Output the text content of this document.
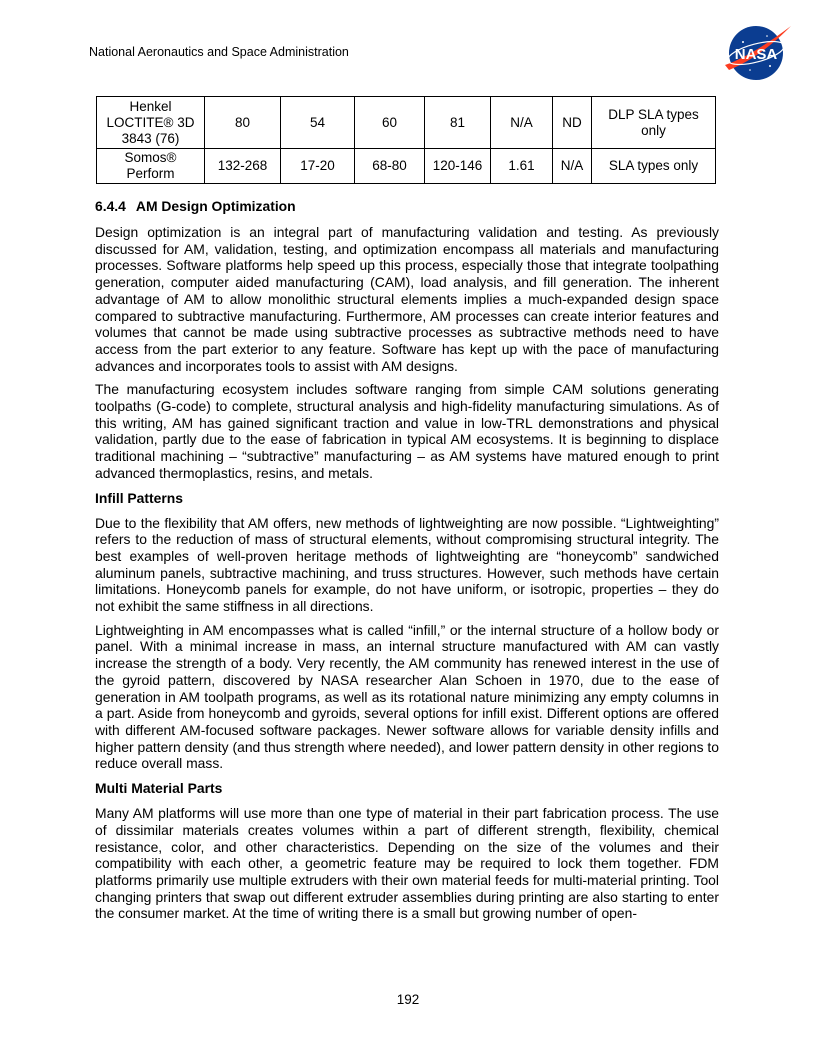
National Aeronautics and Space Administration	NASA
Henkel LOCTITE® 3D 3843 (76)	80	54	60	81	N/A	ND	DLP SLA types only
Somos® Perform	132-268	17-20	68-80	120-146	1.61	N/A	SLA types only
6.4.4 AM Design Optimization

Design optimization is an integral part of manufacturing validation and testing. As previously discussed for AM, validation, testing, and optimization encompass all materials and manufacturing processes. Software platforms help speed up this process, especially those that integrate toolpathing generation, computer aided manufacturing (CAM), load analysis, and fill generation. The inherent advantage of AM to allow monolithic structural elements implies a much-expanded design space compared to subtractive manufacturing. Furthermore, AM processes can create interior features and volumes that cannot be made using subtractive processes as subtractive methods need to have access from the part exterior to any feature. Software has kept up with the pace of manufacturing advances and incorporates tools to assist with AM designs.

The manufacturing ecosystem includes software ranging from simple CAM solutions generating toolpaths (G-code) to complete, structural analysis and high-fidelity manufacturing simulations. As of this writing, AM has gained significant traction and value in low-TRL demonstrations and physical validation, partly due to the ease of fabrication in typical AM ecosystems. It is beginning to displace traditional machining – “subtractive” manufacturing – as AM systems have matured enough to print advanced thermoplastics, resins, and metals.

Infill Patterns

Due to the flexibility that AM offers, new methods of lightweighting are now possible. “Lightweighting” refers to the reduction of mass of structural elements, without compromising structural integrity. The best examples of well-proven heritage methods of lightweighting are “honeycomb” sandwiched aluminum panels, subtractive machining, and truss structures. However, such methods have certain limitations. Honeycomb panels for example, do not have uniform, or isotropic, properties – they do not exhibit the same stiffness in all directions.

Lightweighting in AM encompasses what is called “infill,” or the internal structure of a hollow body or panel. With a minimal increase in mass, an internal structure manufactured with AM can vastly increase the strength of a body. Very recently, the AM community has renewed interest in the use of the gyroid pattern, discovered by NASA researcher Alan Schoen in 1970, due to the ease of generation in AM toolpath programs, as well as its rotational nature minimizing any empty columns in a part. Aside from honeycomb and gyroids, several options for infill exist. Different options are offered with different AM-focused software packages. Newer software allows for variable density infills and higher pattern density (and thus strength where needed), and lower pattern density in other regions to reduce overall mass.

Multi Material Parts

Many AM platforms will use more than one type of material in their part fabrication process. The use of dissimilar materials creates volumes within a part of different strength, flexibility, chemical resistance, color, and other characteristics. Depending on the size of the volumes and their compatibility with each other, a geometric feature may be required to lock them together. FDM platforms primarily use multiple extruders with their own material feeds for multi-material printing. Tool changing printers that swap out different extruder assemblies during printing are also starting to enter the consumer market. At the time of writing there is a small but growing number of open-

192
